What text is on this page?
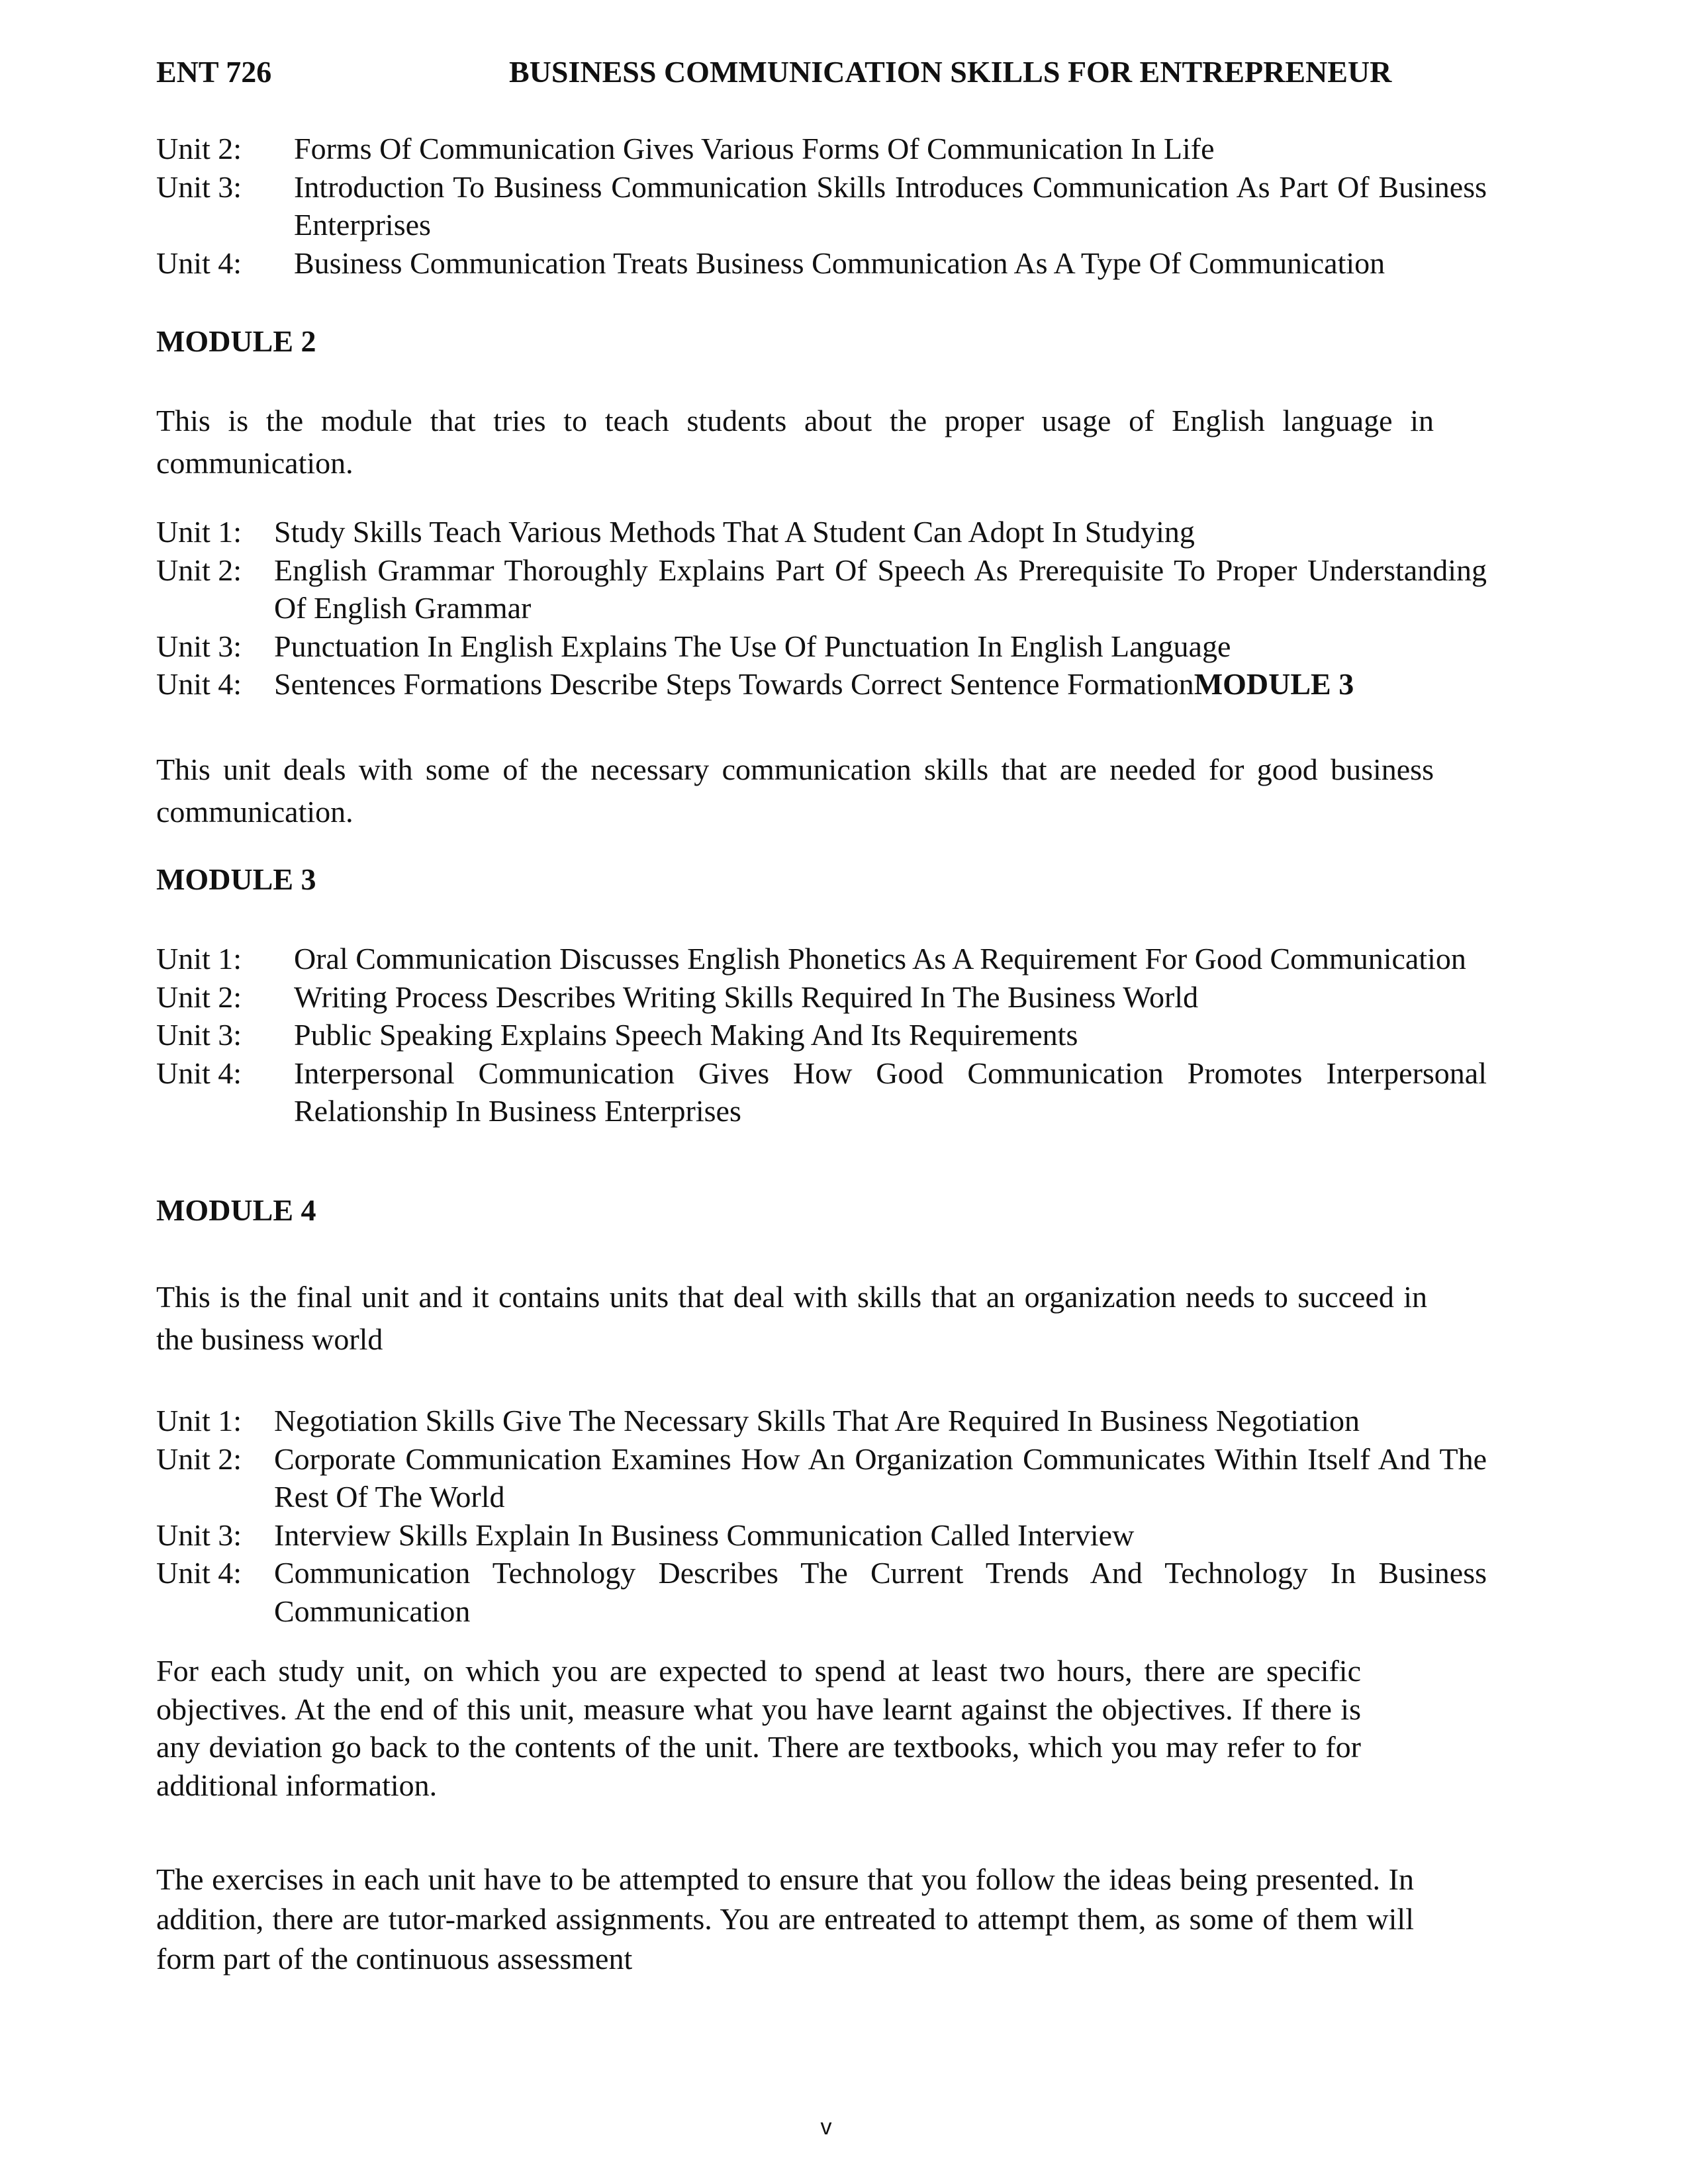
ENT 726	BUSINESS COMMUNICATION SKILLS FOR ENTREPRENEUR
Unit 2:	Forms Of Communication Gives Various Forms Of Communication In Life
Unit 3:	Introduction To Business Communication Skills Introduces Communication As Part Of Business Enterprises
Unit 4:	Business Communication Treats Business Communication As A Type Of Communication
MODULE 2
This is the module that tries to teach students about the proper usage of English language in communication.
Unit 1:	Study Skills Teach Various Methods That A Student Can Adopt In Studying
Unit 2:	English Grammar Thoroughly Explains Part Of Speech As Prerequisite To Proper Understanding Of English Grammar
Unit 3:	Punctuation In English Explains The Use Of Punctuation In English Language
Unit 4:	Sentences Formations Describe Steps Towards Correct Sentence FormationMODULE 3
This unit deals with some of the necessary communication skills that are needed for good business communication.
MODULE 3
Unit 1:	Oral Communication Discusses English Phonetics As A Requirement For Good Communication
Unit 2:	Writing Process Describes Writing Skills Required In The Business World
Unit 3:	Public Speaking Explains Speech Making And Its Requirements
Unit 4:	Interpersonal Communication Gives How Good Communication Promotes Interpersonal Relationship In Business Enterprises
MODULE 4
This is the final unit and it contains units that deal with skills that an organization needs to succeed in the business world
Unit 1:	Negotiation Skills Give The Necessary Skills That Are Required In Business Negotiation
Unit 2:	Corporate Communication Examines How An Organization Communicates Within Itself And The Rest Of The World
Unit 3:	Interview Skills Explain In Business Communication Called Interview
Unit 4:	Communication Technology Describes The Current Trends And Technology In Business Communication
For each study unit, on which you are expected to spend at least two hours, there are specific objectives. At the end of this unit, measure what you have learnt against the objectives. If there is any deviation go back to the contents of the unit. There are textbooks, which you may refer to for additional information.
The exercises in each unit have to be attempted to ensure that you follow the ideas being presented. In addition, there are tutor-marked assignments. You are entreated to attempt them, as some of them will form part of the continuous assessment
v
